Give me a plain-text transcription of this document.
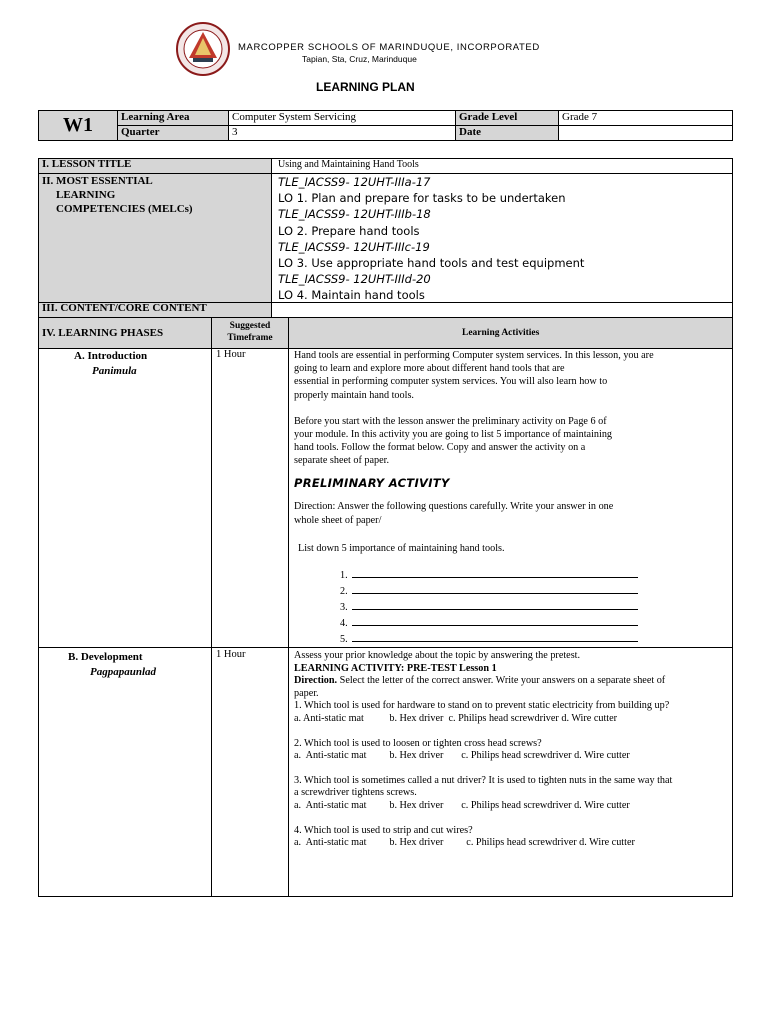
MARCOPPER SCHOOLS OF MARINDUQUE, INCORPORATED
Tapian, Sta, Cruz, Marinduque
LEARNING PLAN
W1	Learning Area	Computer System Servicing	Grade Level	Grade 7
	Quarter	3	Date	
I. LESSON TITLE	Using and Maintaining Hand Tools
II. MOST ESSENTIAL
LEARNING
COMPETENCIES (MELCs)
TLE_IACSS9- 12UHT-IIIa-17
LO 1. Plan and prepare for tasks to be undertaken
TLE_IACSS9- 12UHT-IIIb-18
LO 2. Prepare hand tools
TLE_IACSS9- 12UHT-IIIc-19
LO 3. Use appropriate hand tools and test equipment
TLE_IACSS9- 12UHT-IIId-20
LO 4. Maintain hand tools
III. CONTENT/CORE CONTENT
IV. LEARNING PHASES
Suggested
Timeframe	Learning Activities
A. Introduction
Panimula
1 Hour	Hand tools are essential in performing Computer system services. In this lesson, you are
going to learn and explore more about different hand tools that are
essential in performing computer system services. You will also learn how to
properly maintain hand tools.
Before you start with the lesson answer the preliminary activity on Page 6 of
your module. In this activity you are going to list 5 importance of maintaining
hand tools. Follow the format below. Copy and answer the activity on a
separate sheet of paper.
PRELIMINARY ACTIVITY
Direction: Answer the following questions carefully. Write your answer in one
whole sheet of paper/
List down 5 importance of maintaining hand tools.
1.
2.
3.
4.
5.
B. Development
Pagpapaunlad
1 Hour	Assess your prior knowledge about the topic by answering the pretest.
LEARNING ACTIVITY: PRE-TEST Lesson 1
Direction. Select the letter of the correct answer. Write your answers on a separate sheet of
paper.
1. Which tool is used for hardware to stand on to prevent static electricity from building up?
a. Anti-static mat          b. Hex driver  c. Philips head screwdriver d. Wire cutter
2. Which tool is used to loosen or tighten cross head screws?
a.  Anti-static mat         b. Hex driver       c. Philips head screwdriver d. Wire cutter
3. Which tool is sometimes called a nut driver? It is used to tighten nuts in the same way that
a screwdriver tightens screws.
a.  Anti-static mat         b. Hex driver       c. Philips head screwdriver d. Wire cutter
4. Which tool is used to strip and cut wires?
a.  Anti-static mat         b. Hex driver         c. Philips head screwdriver d. Wire cutter
